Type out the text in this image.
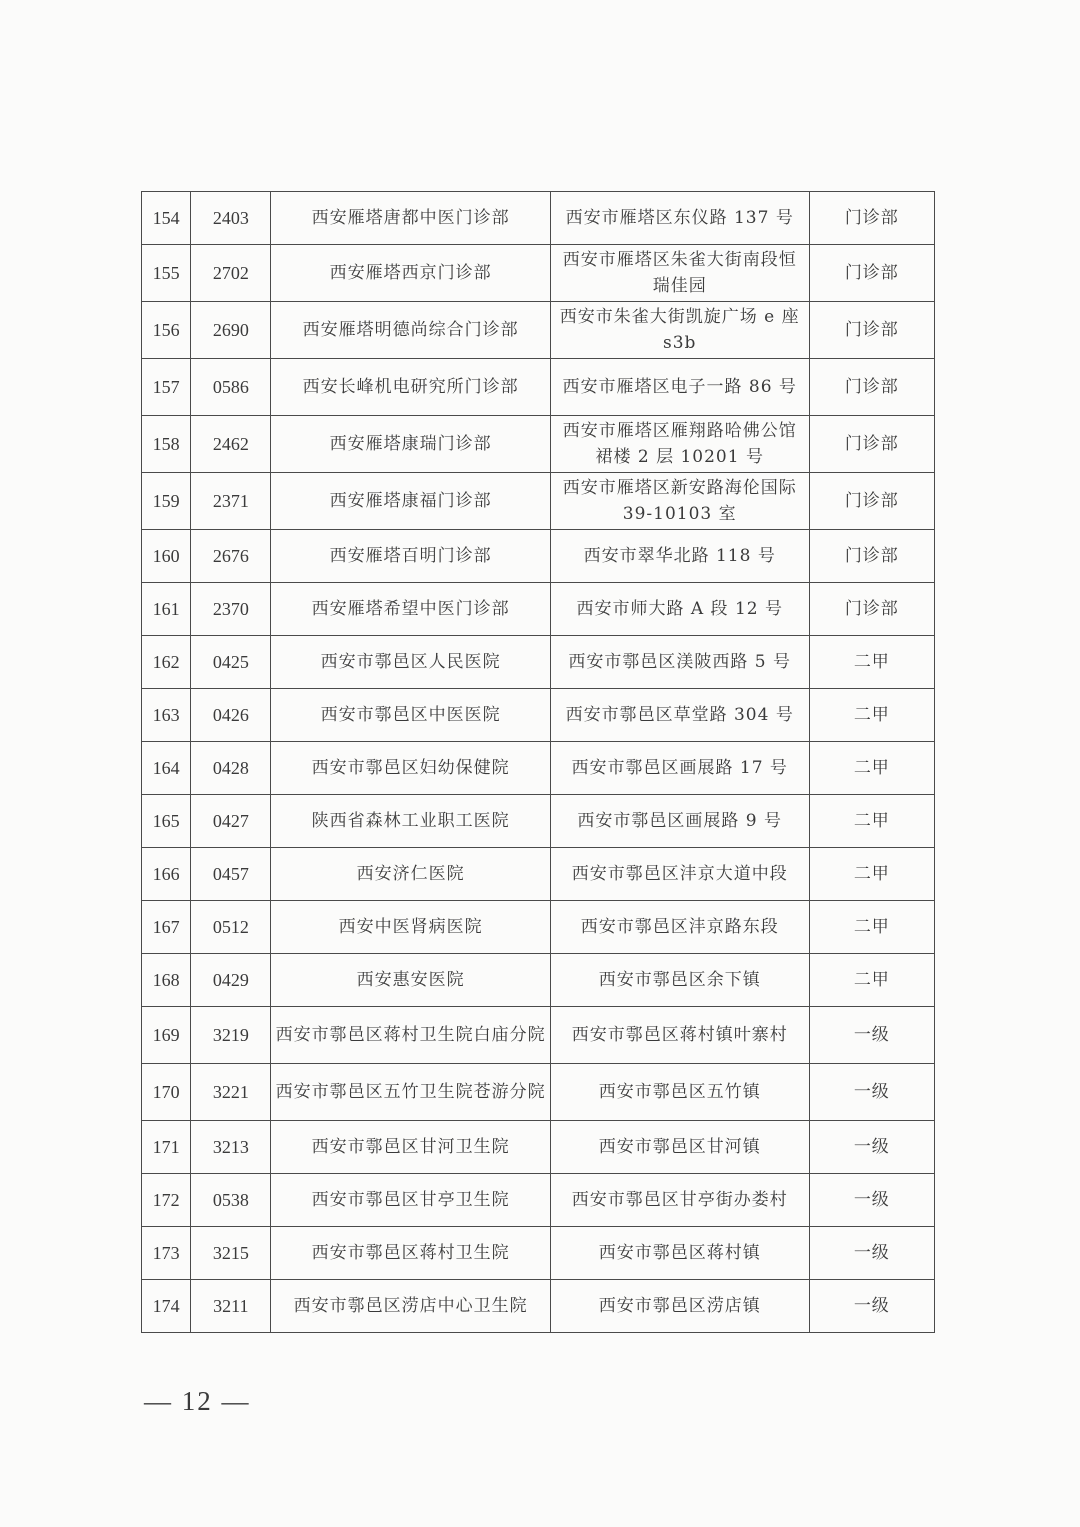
154	2403	西安雁塔唐都中医门诊部	西安市雁塔区东仪路 137 号	门诊部
155	2702	西安雁塔西京门诊部	西安市雁塔区朱雀大街南段恒瑞佳园	门诊部
156	2690	西安雁塔明德尚综合门诊部	西安市朱雀大街凯旋广场 e 座 s3b	门诊部
157	0586	西安长峰机电研究所门诊部	西安市雁塔区电子一路 86 号	门诊部
158	2462	西安雁塔康瑞门诊部	西安市雁塔区雁翔路哈佛公馆裙楼 2 层 10201 号	门诊部
159	2371	西安雁塔康福门诊部	西安市雁塔区新安路海伦国际 39-10103 室	门诊部
160	2676	西安雁塔百明门诊部	西安市翠华北路 118 号	门诊部
161	2370	西安雁塔希望中医门诊部	西安市师大路 A 段 12 号	门诊部
162	0425	西安市鄠邑区人民医院	西安市鄠邑区渼陂西路 5 号	二甲
163	0426	西安市鄠邑区中医医院	西安市鄠邑区草堂路 304 号	二甲
164	0428	西安市鄠邑区妇幼保健院	西安市鄠邑区画展路 17 号	二甲
165	0427	陕西省森林工业职工医院	西安市鄠邑区画展路 9 号	二甲
166	0457	西安济仁医院	西安市鄠邑区沣京大道中段	二甲
167	0512	西安中医肾病医院	西安市鄠邑区沣京路东段	二甲
168	0429	西安惠安医院	西安市鄠邑区余下镇	二甲
169	3219	西安市鄠邑区蒋村卫生院白庙分院	西安市鄠邑区蒋村镇叶寨村	一级
170	3221	西安市鄠邑区五竹卫生院苍游分院	西安市鄠邑区五竹镇	一级
171	3213	西安市鄠邑区甘河卫生院	西安市鄠邑区甘河镇	一级
172	0538	西安市鄠邑区甘亭卫生院	西安市鄠邑区甘亭街办娄村	一级
173	3215	西安市鄠邑区蒋村卫生院	西安市鄠邑区蒋村镇	一级
174	3211	西安市鄠邑区涝店中心卫生院	西安市鄠邑区涝店镇	一级
— 12 —
